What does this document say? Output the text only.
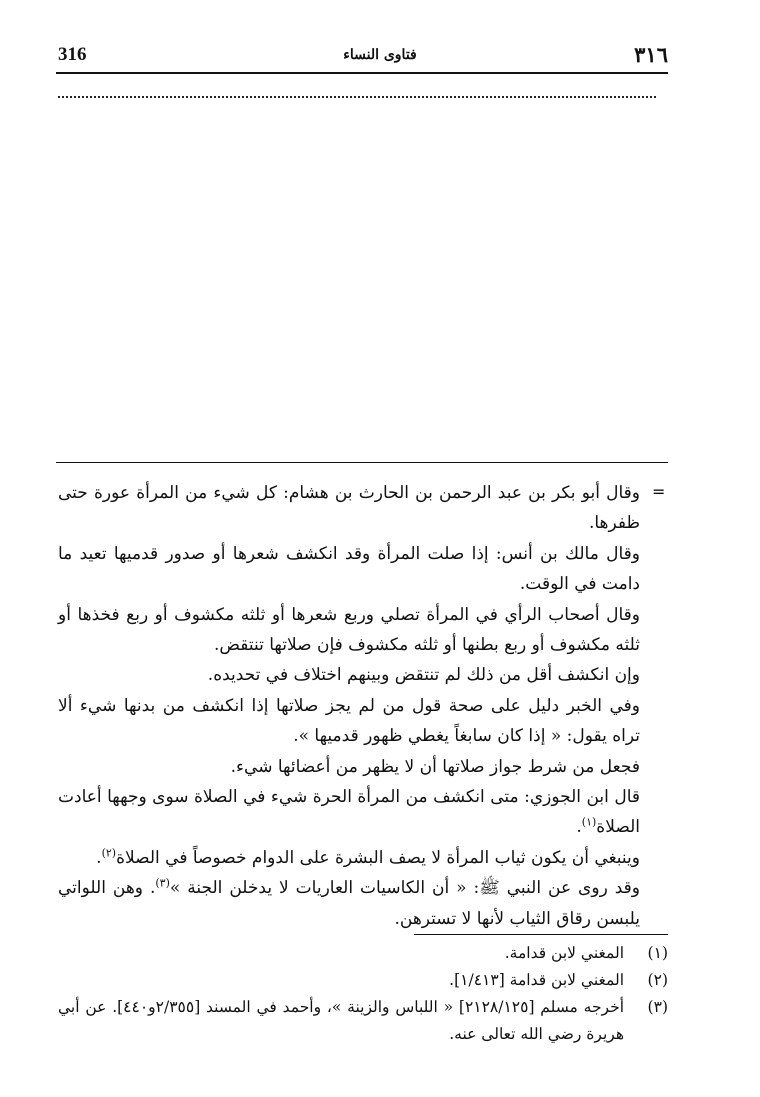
316	فتاوى النساء	٣١٦
=

وقال أبو بكر بن عبد الرحمن بن الحارث بن هشام: كل شيء من المرأة عورة حتى ظفرها.

وقال مالك بن أنس: إذا صلت المرأة وقد انكشف شعرها أو صدور قدميها تعيد ما دامت في الوقت.

وقال أصحاب الرأي في المرأة تصلي وربع شعرها أو ثلثه مكشوف أو ربع فخذها أو ثلثه مكشوف أو ربع بطنها أو ثلثه مكشوف فإن صلاتها تنتقض.

وإن انكشف أقل من ذلك لم تنتقض وبينهم اختلاف في تحديده.

وفي الخبر دليل على صحة قول من لم يجز صلاتها إذا انكشف من بدنها شيء ألا تراه يقول: « إذا كان سابغاً يغطي ظهور قدميها ».

فجعل من شرط جواز صلاتها أن لا يظهر من أعضائها شيء.

قال ابن الجوزي: متى انكشف من المرأة الحرة شيء في الصلاة سوى وجهها أعادت الصلاة$^{(١)}$.

وينبغي أن يكون ثياب المرأة لا يصف البشرة على الدوام خصوصاً في الصلاة$^{(٢)}$.

وقد روى عن النبي ﷺ: « أن الكاسيات العاريات لا يدخلن الجنة »$^{(٣)}$. وهن اللواتي يلبسن رقاق الثياب لأنها لا تسترهن.

(١)
المغني لابن قدامة.
(٢)
المغني لابن قدامة [١/٤١٣].
(٣)
أخرجه مسلم [٢١٢٨/١٢٥] « اللباس والزينة »، وأحمد في المسند [٢/٣٥٥و٤٤٠]. عن أبي هريرة رضي الله تعالى عنه.
